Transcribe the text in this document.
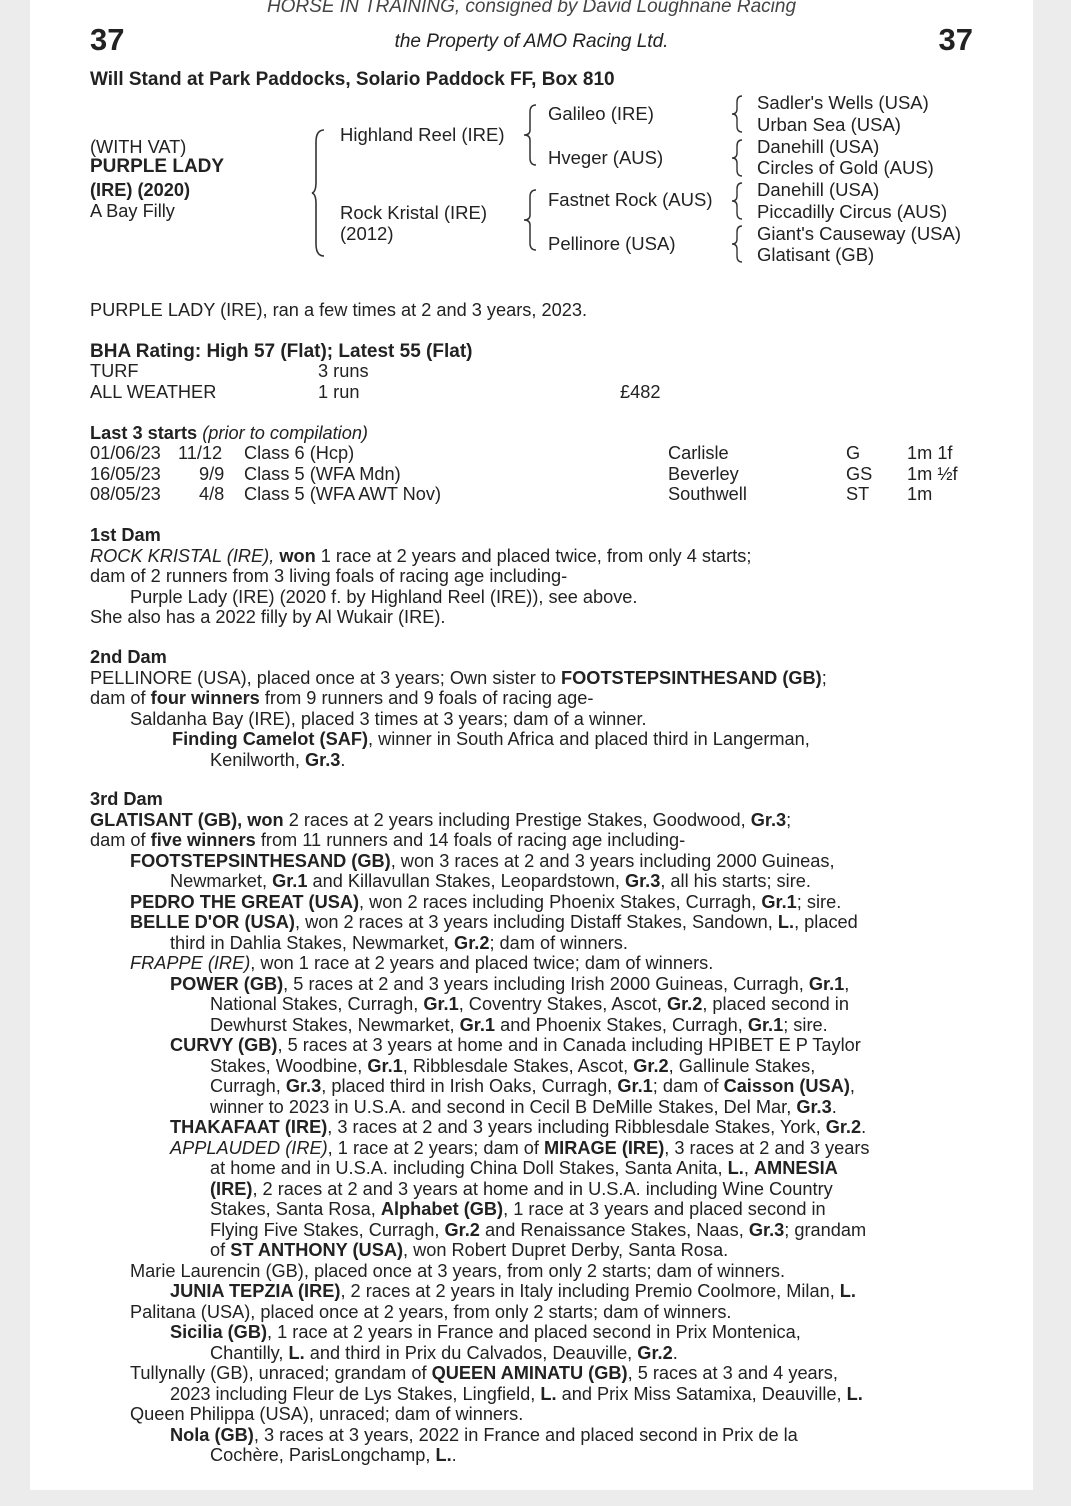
HORSE IN TRAINING, consigned by David Loughnane Racing
37	the Property of AMO Racing Ltd.	37
Will Stand at Park Paddocks, Solario Paddock FF, Box 810
(WITH VAT)
PURPLE LADY
(IRE) (2020)
A Bay Filly
Highland Reel (IRE)
Rock Kristal (IRE)
(2012)
Galileo (IRE)
Hveger (AUS)
Fastnet Rock (AUS)
Pellinore (USA)
Sadler's Wells (USA)
Urban Sea (USA)
Danehill (USA)
Circles of Gold (AUS)
Danehill (USA)
Piccadilly Circus (AUS)
Giant's Causeway (USA)
Glatisant (GB)
PURPLE LADY (IRE), ran a few times at 2 and 3 years, 2023.
BHA Rating: High 57 (Flat); Latest 55 (Flat)
TURF	3 runs
ALL WEATHER	1 run	£482
Last 3 starts (prior to compilation)
01/06/23 11/12 Class 6 (Hcp)	Carlisle	G	1m 1f
16/05/23 9/9 Class 5 (WFA Mdn)	Beverley	GS 1m ½f
08/05/23 4/8 Class 5 (WFA AWT Nov)	Southwell	ST 1m
1st Dam
ROCK KRISTAL (IRE), won 1 race at 2 years and placed twice, from only 4 starts;
dam of 2 runners from 3 living foals of racing age including-
Purple Lady (IRE) (2020 f. by Highland Reel (IRE)), see above.
She also has a 2022 filly by Al Wukair (IRE).
2nd Dam
PELLINORE (USA), placed once at 3 years; Own sister to FOOTSTEPSINTHESAND (GB);
dam of four winners from 9 runners and 9 foals of racing age-
Saldanha Bay (IRE), placed 3 times at 3 years; dam of a winner.
Finding Camelot (SAF), winner in South Africa and placed third in Langerman,
Kenilworth, Gr.3.
3rd Dam
GLATISANT (GB), won 2 races at 2 years including Prestige Stakes, Goodwood, Gr.3;
dam of five winners from 11 runners and 14 foals of racing age including-
FOOTSTEPSINTHESAND (GB), won 3 races at 2 and 3 years including 2000 Guineas,
Newmarket, Gr.1 and Killavullan Stakes, Leopardstown, Gr.3, all his starts; sire.
PEDRO THE GREAT (USA), won 2 races including Phoenix Stakes, Curragh, Gr.1; sire.
BELLE D'OR (USA), won 2 races at 3 years including Distaff Stakes, Sandown, L., placed
third in Dahlia Stakes, Newmarket, Gr.2; dam of winners.
FRAPPE (IRE), won 1 race at 2 years and placed twice; dam of winners.
POWER (GB), 5 races at 2 and 3 years including Irish 2000 Guineas, Curragh, Gr.1,
National Stakes, Curragh, Gr.1, Coventry Stakes, Ascot, Gr.2, placed second in
Dewhurst Stakes, Newmarket, Gr.1 and Phoenix Stakes, Curragh, Gr.1; sire.
CURVY (GB), 5 races at 3 years at home and in Canada including HPIBET E P Taylor
Stakes, Woodbine, Gr.1, Ribblesdale Stakes, Ascot, Gr.2, Gallinule Stakes,
Curragh, Gr.3, placed third in Irish Oaks, Curragh, Gr.1; dam of Caisson (USA),
winner to 2023 in U.S.A. and second in Cecil B DeMille Stakes, Del Mar, Gr.3.
THAKAFAAT (IRE), 3 races at 2 and 3 years including Ribblesdale Stakes, York, Gr.2.
APPLAUDED (IRE), 1 race at 2 years; dam of MIRAGE (IRE), 3 races at 2 and 3 years
at home and in U.S.A. including China Doll Stakes, Santa Anita, L., AMNESIA
(IRE), 2 races at 2 and 3 years at home and in U.S.A. including Wine Country
Stakes, Santa Rosa, Alphabet (GB), 1 race at 3 years and placed second in
Flying Five Stakes, Curragh, Gr.2 and Renaissance Stakes, Naas, Gr.3; grandam
of ST ANTHONY (USA), won Robert Dupret Derby, Santa Rosa.
Marie Laurencin (GB), placed once at 3 years, from only 2 starts; dam of winners.
JUNIA TEPZIA (IRE), 2 races at 2 years in Italy including Premio Coolmore, Milan, L.
Palitana (USA), placed once at 2 years, from only 2 starts; dam of winners.
Sicilia (GB), 1 race at 2 years in France and placed second in Prix Montenica,
Chantilly, L. and third in Prix du Calvados, Deauville, Gr.2.
Tullynally (GB), unraced; grandam of QUEEN AMINATU (GB), 5 races at 3 and 4 years,
2023 including Fleur de Lys Stakes, Lingfield, L. and Prix Miss Satamixa, Deauville, L.
Queen Philippa (USA), unraced; dam of winners.
Nola (GB), 3 races at 3 years, 2022 in France and placed second in Prix de la
Cochère, ParisLongchamp, L..
